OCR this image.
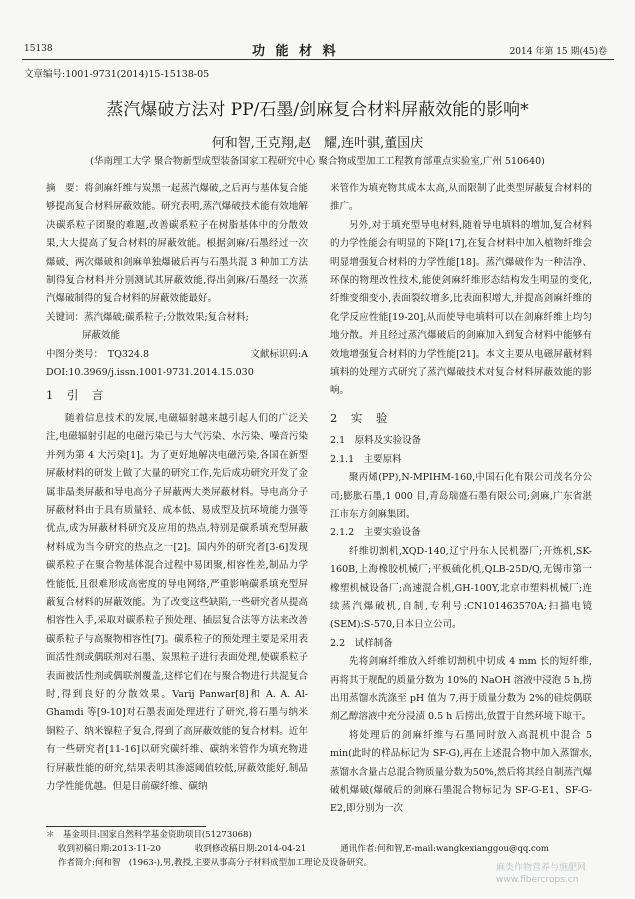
15138	功 能 材 料	2014 年第 15 期(45)卷
文章编号:1001-9731(2014)15-15138-05
蒸汽爆破方法对 PP/石墨/剑麻复合材料屏蔽效能的影响*
何和智,王克翔,赵　耀,连叶骐,董国庆
(华南理工大学 聚合物新型成型装备国家工程研究中心 聚合物成型加工工程教育部重点实验室,广州 510640)
摘　要：将剑麻纤维与炭黑一起蒸汽爆破,之后再与基体复合能够提高复合材料屏蔽效能。研究表明,蒸汽爆破技术能有效地解决碳系粒子团聚的难题,改善碳系粒子在树脂基体中的分散效果,大大提高了复合材料的屏蔽效能。根据剑麻/石墨经过一次爆破、两次爆破和剑麻单独爆破后再与石墨共混 3 种加工方法制得复合材料并分别测试其屏蔽效能,得出剑麻/石墨经一次蒸汽爆破制得的复合材料的屏蔽效能最好。
关键词：蒸汽爆破;碳系粒子;分散效果;复合材料;
屏蔽效能
中图分类号：　TQ324.8	文献标识码:A
DOI:10.3969/j.issn.1001-9731.2014.15.030
1　引　言

随着信息技术的发展,电磁辐射越来越引起人们的广泛关注,电磁辐射引起的电磁污染已与大气污染、水污染、噪音污染并列为第 4 大污染[1]。为了更好地解决电磁污染,各国在新型屏蔽材料的研发上做了大量的研究工作,先后成功研究开发了金属非晶类屏蔽和导电高分子屏蔽两大类屏蔽材料。导电高分子屏蔽材料由于具有质量轻、成本低、易成型及抗环境能力强等优点,成为屏蔽材料研究及应用的热点,特别是碳系填充型屏蔽材料成为当今研究的热点之一[2]。国内外的研究者[3-6]发现碳系粒子在聚合物基体混合过程中易团聚,相容性差,制品力学性能低,且很难形成高密度的导电网络,严重影响碳系填充型屏蔽复合材料的屏蔽效能。为了改变这些缺陷,一些研究者从提高相容性入手,采取对碳系粒子预处理、插层复合法等方法来改善碳系粒子与高聚物相容性[7]。碳系粒子的预处理主要是采用表面活性剂或偶联剂对石墨、炭黑粒子进行表面处理,使碳系粒子表面被活性剂或偶联剂覆盖,这样它们在与聚合物进行共混复合时,得到良好的分散效果。Varij Panwar[8]和 A. A. Al-Ghamdi 等[9-10]对石墨表面处理进行了研究,将石墨与纳米铜粒子、纳米镍粒子复合,得到了高屏蔽效能的复合材料。近年有一些研究者[11-16]以研究碳纤维、碳纳米管作为填充物进行屏蔽性能的研究,结果表明其渗滤阈值较低,屏蔽效能好,制品力学性能优越。但是目前碳纤维、碳纳

米管作为填充物其成本太高,从而限制了此类型屏蔽复合材料的推广。

另外,对于填充型导电材料,随着导电填料的增加,复合材料的力学性能会有明显的下降[17],在复合材料中加入植物纤维会明显增强复合材料的力学性能[18]。蒸汽爆破作为一种洁净、环保的物理改性技术,能使剑麻纤维形态结构发生明显的变化,纤维变细变小,表面裂纹增多,比表面积增大,并提高剑麻纤维的化学反应性能[19-20],从而使导电填料可以在剑麻纤维上均匀地分散。并且经过蒸汽爆破后的剑麻加入到复合材料中能够有效地增强复合材料的力学性能[21]。本文主要从电磁屏蔽材料填料的处理方式研究了蒸汽爆破技术对复合材料屏蔽效能的影响。

2　实　验
2.1　原料及实验设备
2.1.1　主要原料

聚丙烯(PP),N-MPIHM-160,中国石化有限公司茂名分公司;膨胀石墨,1 000 目,青岛瑞盛石墨有限公司;剑麻,广东省湛江市东方剑麻集团。

2.1.2　主要实验设备

纤维切割机,XQD-140,辽宁丹东人民机器厂;开炼机,SK-160B,上海橡胶机械厂;平板硫化机,QLB-25D/Q,无锡市第一橡塑机械设备厂;高速混合机,GH-100Y,北京市塑料机械厂;连续蒸汽爆破机,自制,专利号:CN101463570A;扫描电镜(SEM):S-570,日本日立公司。

2.2　试样制备

先将剑麻纤维放入纤维切割机中切成 4 mm 长的短纤维,再将其于规配的质量分数为 10%的 NaOH 溶液中浸泡 5 h,捞出用蒸馏水洗涤至 pH 值为 7,再于质量分数为 2%的硅烷偶联剂乙醇溶液中充分浸渍 0.5 h 后捞出,放置于自然环境下晾干。

将处理后的剑麻纤维与石墨同时放入高混机中混合 5 min(此时的样品标记为 SF-G),再在上述混合物中加入蒸馏水,蒸馏水含量占总混合物质量分数为50%,然后将其经自制蒸汽爆破机爆破(爆破后的剑麻石墨混合物标记为 SF-G-E1、SF-G-E2,即分别为一次

＊　基金项目:国家自然科学基金资助项目(51273068)
收到初稿日期:2013-11-20　　　　收到修改稿日期:2014-04-21　　　　通讯作者:何和智,E-mail:wangkexianggou@qq.com
作者简介:何和智　(1963-),男,教授,主要从事高分子材料成型加工理论及设备研究。	麻类作物营养与施肥网
www.fibercrops.cn
